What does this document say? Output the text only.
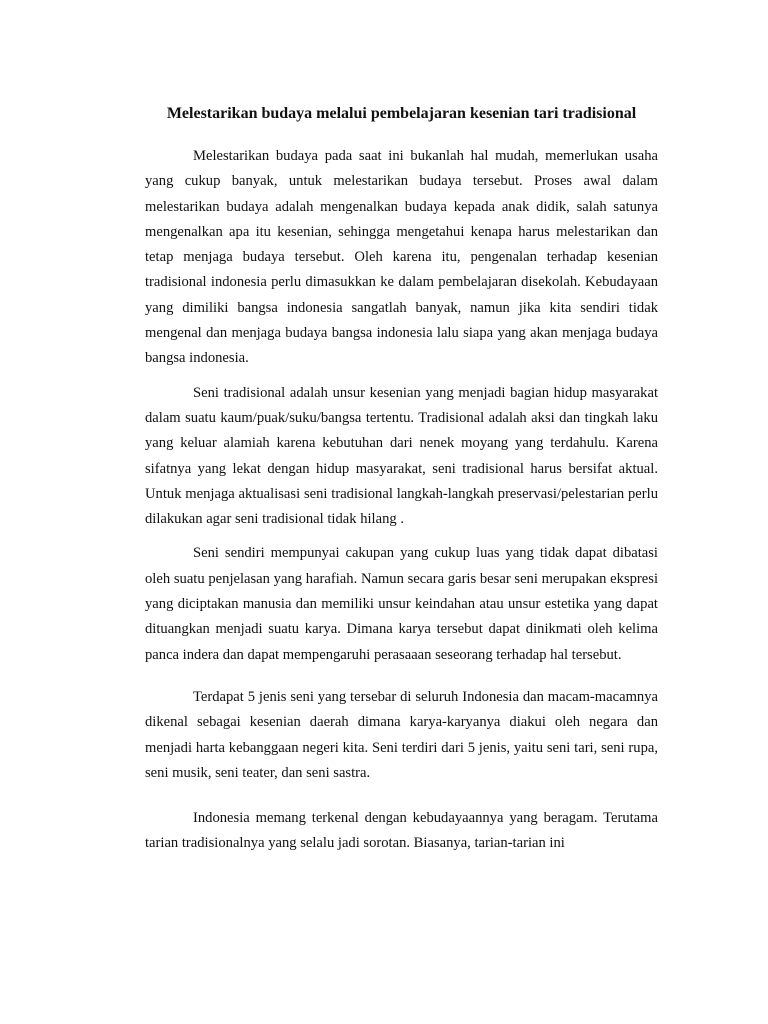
Melestarikan budaya melalui pembelajaran kesenian tari tradisional

Melestarikan budaya pada saat ini bukanlah hal mudah, memerlukan usaha yang cukup banyak, untuk melestarikan budaya tersebut. Proses awal dalam melestarikan budaya adalah mengenalkan budaya kepada anak didik, salah satunya mengenalkan apa itu kesenian, sehingga mengetahui kenapa harus melestarikan dan tetap menjaga budaya tersebut. Oleh karena itu, pengenalan terhadap kesenian tradisional indonesia perlu dimasukkan ke dalam pembelajaran disekolah. Kebudayaan yang dimiliki bangsa indonesia sangatlah banyak, namun jika kita sendiri tidak mengenal dan menjaga budaya bangsa indonesia lalu siapa yang akan menjaga budaya bangsa indonesia.

Seni tradisional adalah unsur kesenian yang menjadi bagian hidup masyarakat dalam suatu kaum/puak/suku/bangsa tertentu. Tradisional adalah aksi dan tingkah laku yang keluar alamiah karena kebutuhan dari nenek moyang yang terdahulu. Karena sifatnya yang lekat dengan hidup masyarakat, seni tradisional harus bersifat aktual. Untuk menjaga aktualisasi seni tradisional langkah-langkah preservasi/pelestarian perlu dilakukan agar seni tradisional tidak hilang .

Seni sendiri mempunyai cakupan yang cukup luas yang tidak dapat dibatasi oleh suatu penjelasan yang harafiah. Namun secara garis besar seni merupakan ekspresi yang diciptakan manusia dan memiliki unsur keindahan atau unsur estetika yang dapat dituangkan menjadi suatu karya. Dimana karya tersebut dapat dinikmati oleh kelima panca indera dan dapat mempengaruhi perasaaan seseorang terhadap hal tersebut.

Terdapat 5 jenis seni yang tersebar di seluruh Indonesia dan macam-macamnya dikenal sebagai kesenian daerah dimana karya-karyanya diakui oleh negara dan menjadi harta kebanggaan negeri kita. Seni terdiri dari 5 jenis, yaitu seni tari, seni rupa, seni musik, seni teater, dan seni sastra.

Indonesia memang terkenal dengan kebudayaannya yang beragam. Terutama tarian tradisionalnya yang selalu jadi sorotan. Biasanya, tarian-tarian ini
